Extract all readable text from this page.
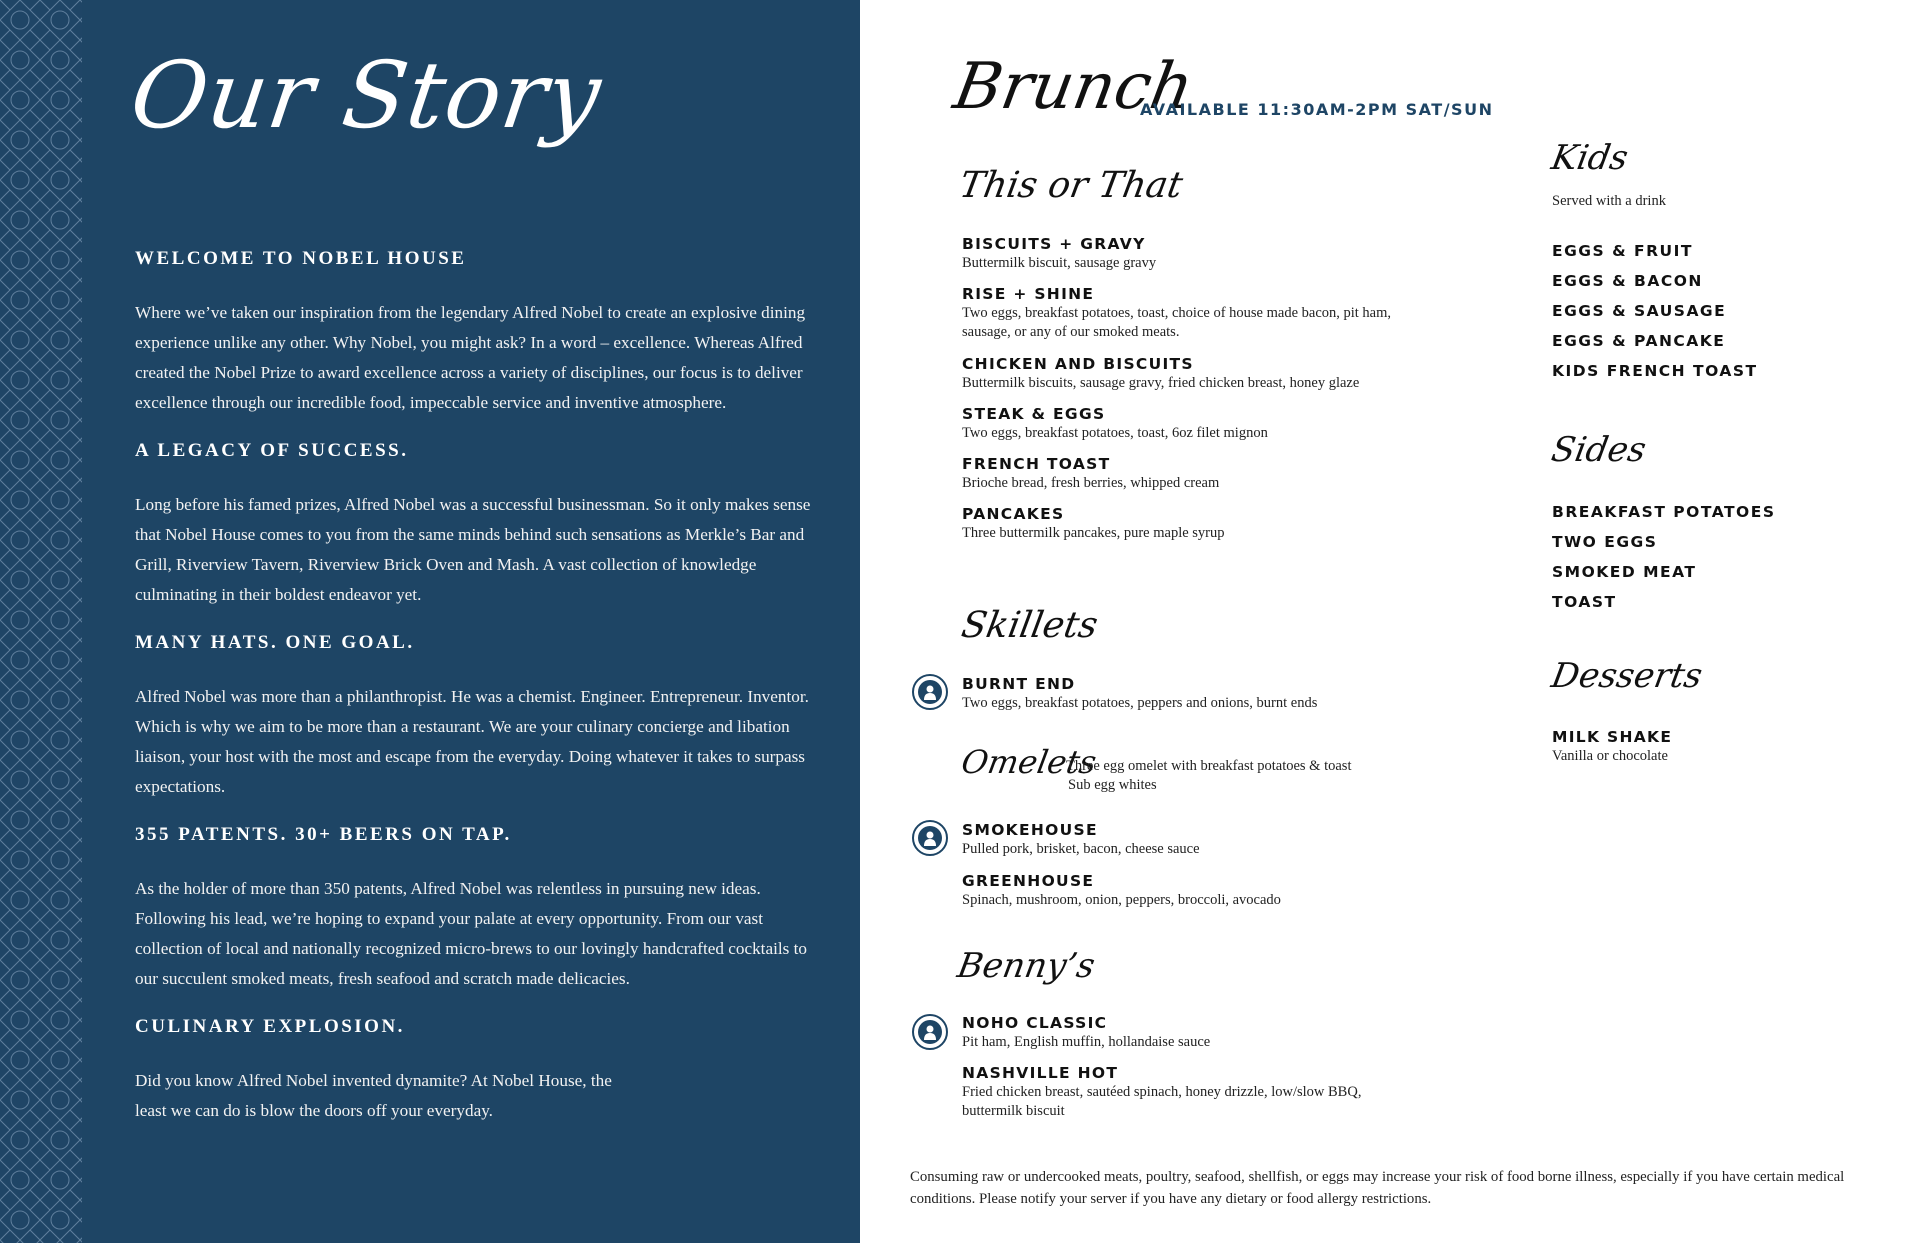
Our Story
WELCOME TO NOBEL HOUSE

Where we’ve taken our inspiration from the legendary Alfred Nobel to create an explosive dining experience unlike any other. Why Nobel, you might ask? In a word – excellence. Whereas Alfred created the Nobel Prize to award excellence across a variety of disciplines, our focus is to deliver excellence through our incredible food, impeccable service and inventive atmosphere.

A LEGACY OF SUCCESS.

Long before his famed prizes, Alfred Nobel was a successful businessman. So it only makes sense that Nobel House comes to you from the same minds behind such sensations as Merkle’s Bar and Grill, Riverview Tavern, Riverview Brick Oven and Mash. A vast collection of knowledge culminating in their boldest endeavor yet.

MANY HATS. ONE GOAL.

Alfred Nobel was more than a philanthropist. He was a chemist. Engineer. Entrepreneur. Inventor. Which is why we aim to be more than a restaurant. We are your culinary concierge and libation liaison, your host with the most and escape from the everyday. Doing whatever it takes to surpass expectations.

355 PATENTS. 30+ BEERS ON TAP.

As the holder of more than 350 patents, Alfred Nobel was relentless in pursuing new ideas. Following his lead, we’re hoping to expand your palate at every opportunity. From our vast collection of local and nationally recognized micro-brews to our lovingly handcrafted cocktails to our succulent smoked meats, fresh seafood and scratch made delicacies.

CULINARY EXPLOSION.

Did you know Alfred Nobel invented dynamite? At Nobel House, the least we can do is blow the doors off your everyday.

Brunch
AVAILABLE 11:30AM-2PM SAT/SUN
This or That

BISCUITS + GRAVY

Buttermilk biscuit, sausage gravy

RISE + SHINE

Two eggs, breakfast potatoes, toast, choice of house made bacon, pit ham, sausage, or any of our smoked meats.

CHICKEN AND BISCUITS

Buttermilk biscuits, sausage gravy, fried chicken breast, honey glaze

STEAK & EGGS

Two eggs, breakfast potatoes, toast, 6oz filet mignon

FRENCH TOAST

Brioche bread, fresh berries, whipped cream

PANCAKES

Three buttermilk pancakes, pure maple syrup

Skillets

BURNT END

Two eggs, breakfast potatoes, peppers and onions, burnt ends

Omelets

Three egg omelet with breakfast potatoes & toast

Sub egg whites

SMOKEHOUSE

Pulled pork, brisket, bacon, cheese sauce

GREENHOUSE

Spinach, mushroom, onion, peppers, broccoli, avocado

Benny’s

NOHO CLASSIC

Pit ham, English muffin, hollandaise sauce

NASHVILLE HOT

Fried chicken breast, sautéed spinach, honey drizzle, low/slow BBQ, buttermilk biscuit

Kids
Served with a drink
EGGS & FRUIT
EGGS & BACON
EGGS & SAUSAGE
EGGS & PANCAKE
KIDS FRENCH TOAST
Sides
BREAKFAST POTATOES
TWO EGGS
SMOKED MEAT
TOAST
Desserts

MILK SHAKE

Vanilla or chocolate

Consuming raw or undercooked meats, poultry, seafood, shellfish, or eggs may increase your risk of food borne illness, especially if you have certain medical conditions. Please notify your server if you have any dietary or food allergy restrictions.
